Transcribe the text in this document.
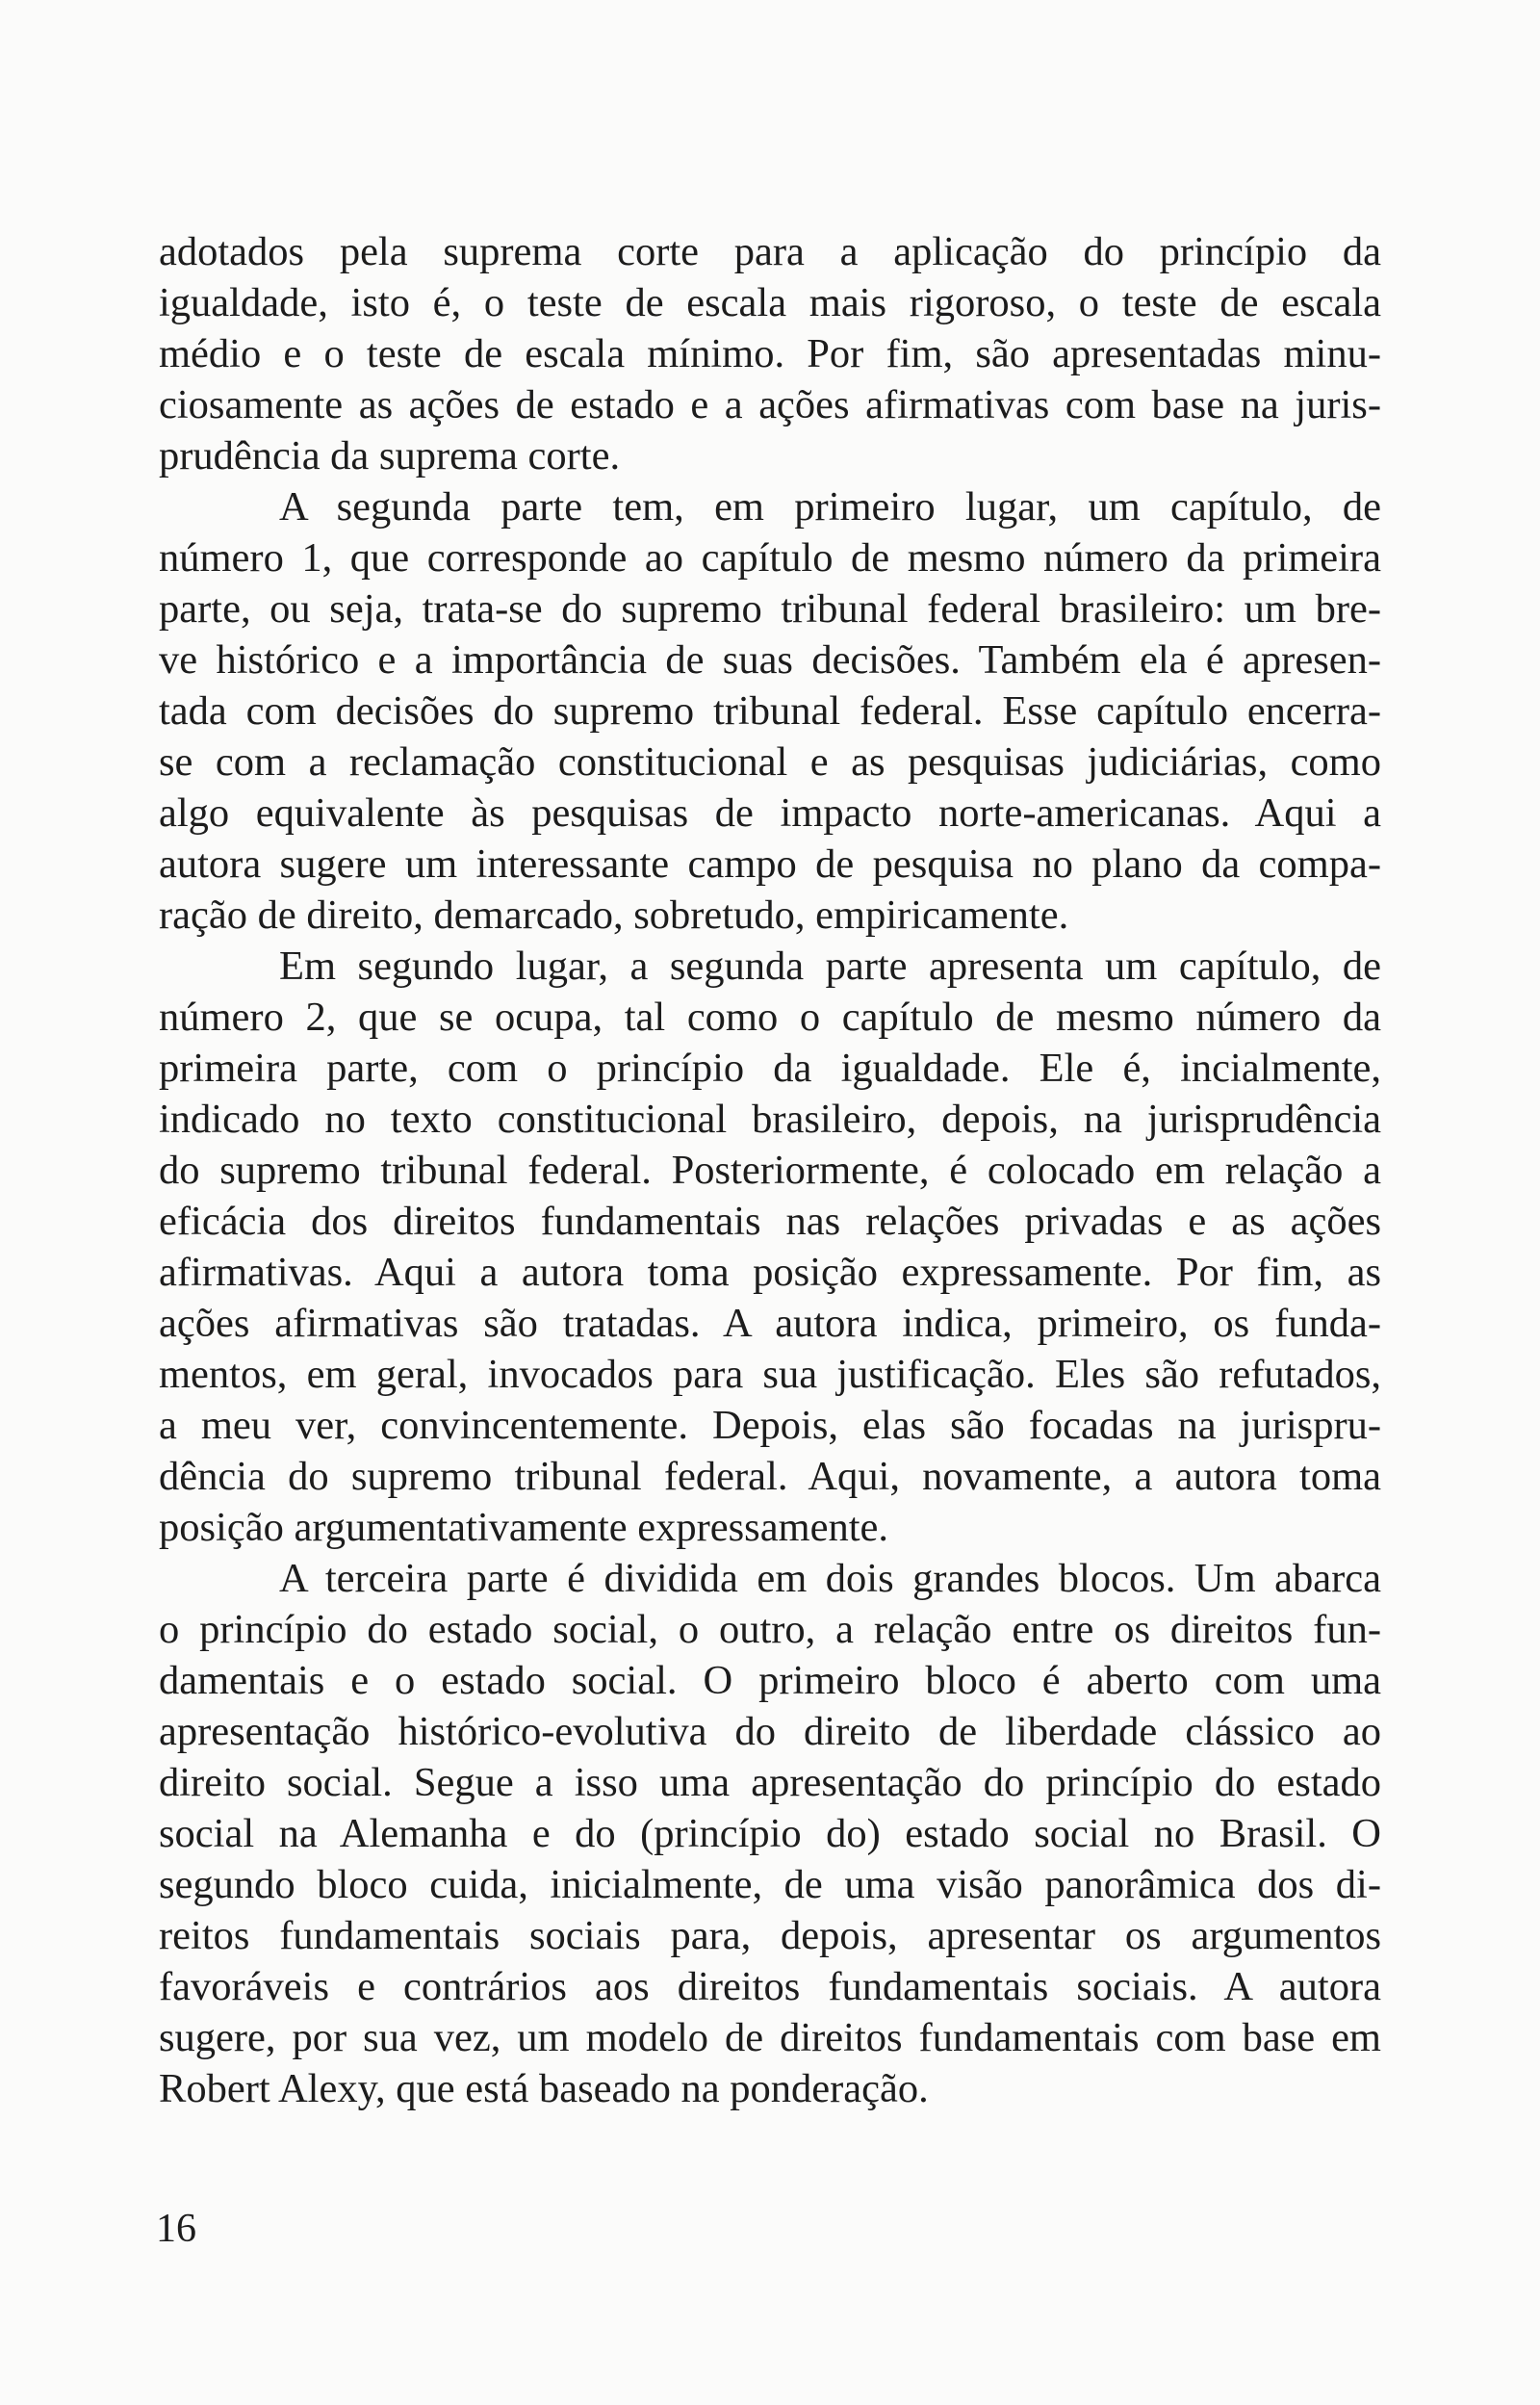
adotados pela suprema corte para a aplicação do princípio da
igualdade, isto é, o teste de escala mais rigoroso, o teste de escala
médio e o teste de escala mínimo. Por fim, são apresentadas minu-
ciosamente as ações de estado e a ações afirmativas com base na juris-
prudência da suprema corte.
A segunda parte tem, em primeiro lugar, um capítulo, de
número 1, que corresponde ao capítulo de mesmo número da primeira
parte, ou seja, trata-se do supremo tribunal federal brasileiro: um bre-
ve histórico e a importância de suas decisões. Também ela é apresen-
tada com decisões do supremo tribunal federal. Esse capítulo encerra-
se com a reclamação constitucional e as pesquisas judiciárias, como
algo equivalente às pesquisas de impacto norte-americanas. Aqui a
autora sugere um interessante campo de pesquisa no plano da compa-
ração de direito, demarcado, sobretudo, empiricamente.
Em segundo lugar, a segunda parte apresenta um capítulo, de
número 2, que se ocupa, tal como o capítulo de mesmo número da
primeira parte, com o princípio da igualdade. Ele é, incialmente,
indicado no texto constitucional brasileiro, depois, na jurisprudência
do supremo tribunal federal. Posteriormente, é colocado em relação a
eficácia dos direitos fundamentais nas relações privadas e as ações
afirmativas. Aqui a autora toma posição expressamente. Por fim, as
ações afirmativas são tratadas. A autora indica, primeiro, os funda-
mentos, em geral, invocados para sua justificação. Eles são refutados,
a meu ver, convincentemente. Depois, elas são focadas na jurispru-
dência do supremo tribunal federal. Aqui, novamente, a autora toma
posição argumentativamente expressamente.
A terceira parte é dividida em dois grandes blocos. Um abarca
o princípio do estado social, o outro, a relação entre os direitos fun-
damentais e o estado social. O primeiro bloco é aberto com uma
apresentação histórico-evolutiva do direito de liberdade clássico ao
direito social. Segue a isso uma apresentação do princípio do estado
social na Alemanha e do (princípio do) estado social no Brasil. O
segundo bloco cuida, inicialmente, de uma visão panorâmica dos di-
reitos fundamentais sociais para, depois, apresentar os argumentos
favoráveis e contrários aos direitos fundamentais sociais. A autora
sugere, por sua vez, um modelo de direitos fundamentais com base em
Robert Alexy, que está baseado na ponderação.
16
